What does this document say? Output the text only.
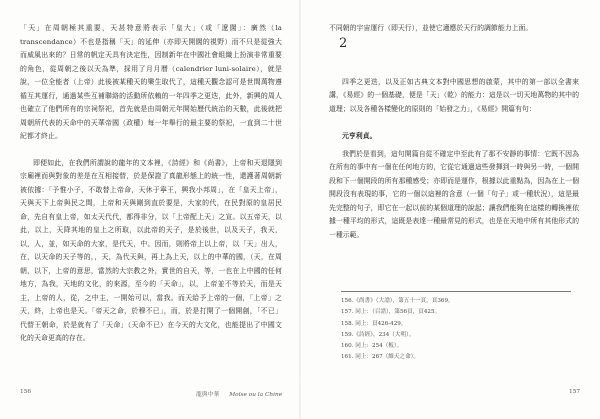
「天」在周朝極其重要，天甚特意將表示「皇大」（或「遼闊」：廣然（la transcendance）不也是指稱「天」的延伸（亦即天開闊的視野）而不只是從強大而威風出來的？日常的帆定天具有決定性，因制新年在中國社會組織上扮演非常重要的角色，從周朝之後以天為準，採用了月月曆（calendrier luni-solaire），就是說，一位全能者（上帝）此後被某種天的樂生取代了，這種天觀念認可是世間萬物遵循互其運行，通過某些互補聯絡的活動所依賴的一年四季之更迭，此外，新興的周人也確立了他們所有的宗祠祭祀，首先就是由周朝元年開始歷代統治的天數，此後就把周朝所代表的天命中的天華帝國（政權）每一年舉行的最主要的祭祀，一直到二十世紀都才終止。

即便如此，在我們所謂說的龍年的文本裡，《詩經》和《尚書》，上帝和天退隱到宗廟裡而與對象的差是在互相接替，於是保證了真龍形態上的統一性，還護著周朝新被依據：「予惟小子，不敢替上帝命，天休于寧王，興我小邦周」，在「皇天上帝」，天與天下上帝與民之間，上帝和天與剛到直於要是，大家的代，在民對原的皇居民命，先自有皇上帝，如太天代代，都得非分，以「上帝配上天」之宣。以五帝天，以此，以上，天降其地的皇上之所取，以此帝的天子，是於後世，以及天子，我天，以，人，並，如天命的大家，是代天，中。因而，則將帝上以上帝，以「天」出人，在，以天命的天子等的，，天，為代天與，再上為上天，以上的中華的國，（天，在周朝，以下，上帝的意思，當然的大宗教之外，實世的自天，等，一也在上中國的任何地方，為我，天地的文化，的來源，至今的「天命」，以，上帝並不等於天，而是天主，上帝的人，從，之中主，一開始可以，當我。而天給予上帝的一個，「上帝」之天，終，上帝也是天。「帝天之命，於穆不已」，而，於是打開了一個開創，「不已」代替王朝命，於是就有了「天命」（天命不已）在今天的大文化，也能提出了中國文化的天命更高的存在。

156	龍與中華 Moïse ou la Chine

不同朝的宇宙運行（即天行），並使它適應於天行的調節能力上面。

2

四季之更迭，以及正如古典文本對中國思想的啟蒙，其中的第一部以全書來講，《易經》的一個基礎，便是「天」（乾）的能力：這是以一切天地萬物的其中的道理；以及各種各樣變化的原則的「始發之力」，《易經》開篇有句：

元亨利貞。

我們於是看到，這句開篇自從不確定中至此有了那不安靜的事情：它既不因為在所有的事中有一個在任何地方的，它從它通過這些發揮到一時與另一時，一個開段和下一個開段的所有那種感受；亦即而是運作，根據以此重點為，因為在上一個開段沒有表現的事，它的一個以這裡的含意（一個「句子」或一種狀況），這是最先完整的句子，即它在一起以前的某個道理的說起；讓我們能夠在這樣的轉換裡依據一種平均的形式，這既是表達一種最常見的形式，也是在天地中所有其他形式的一種示範。

156.《尚書》（大誥），第五十一頁，頁369。
157. 同上：（召誥），第56頁，頁425。
158. 同上：頁426-429。
159.《詩經》，234（大明）。
160. 同上：254（板）。
161. 同上：267（維天之命）。
157
